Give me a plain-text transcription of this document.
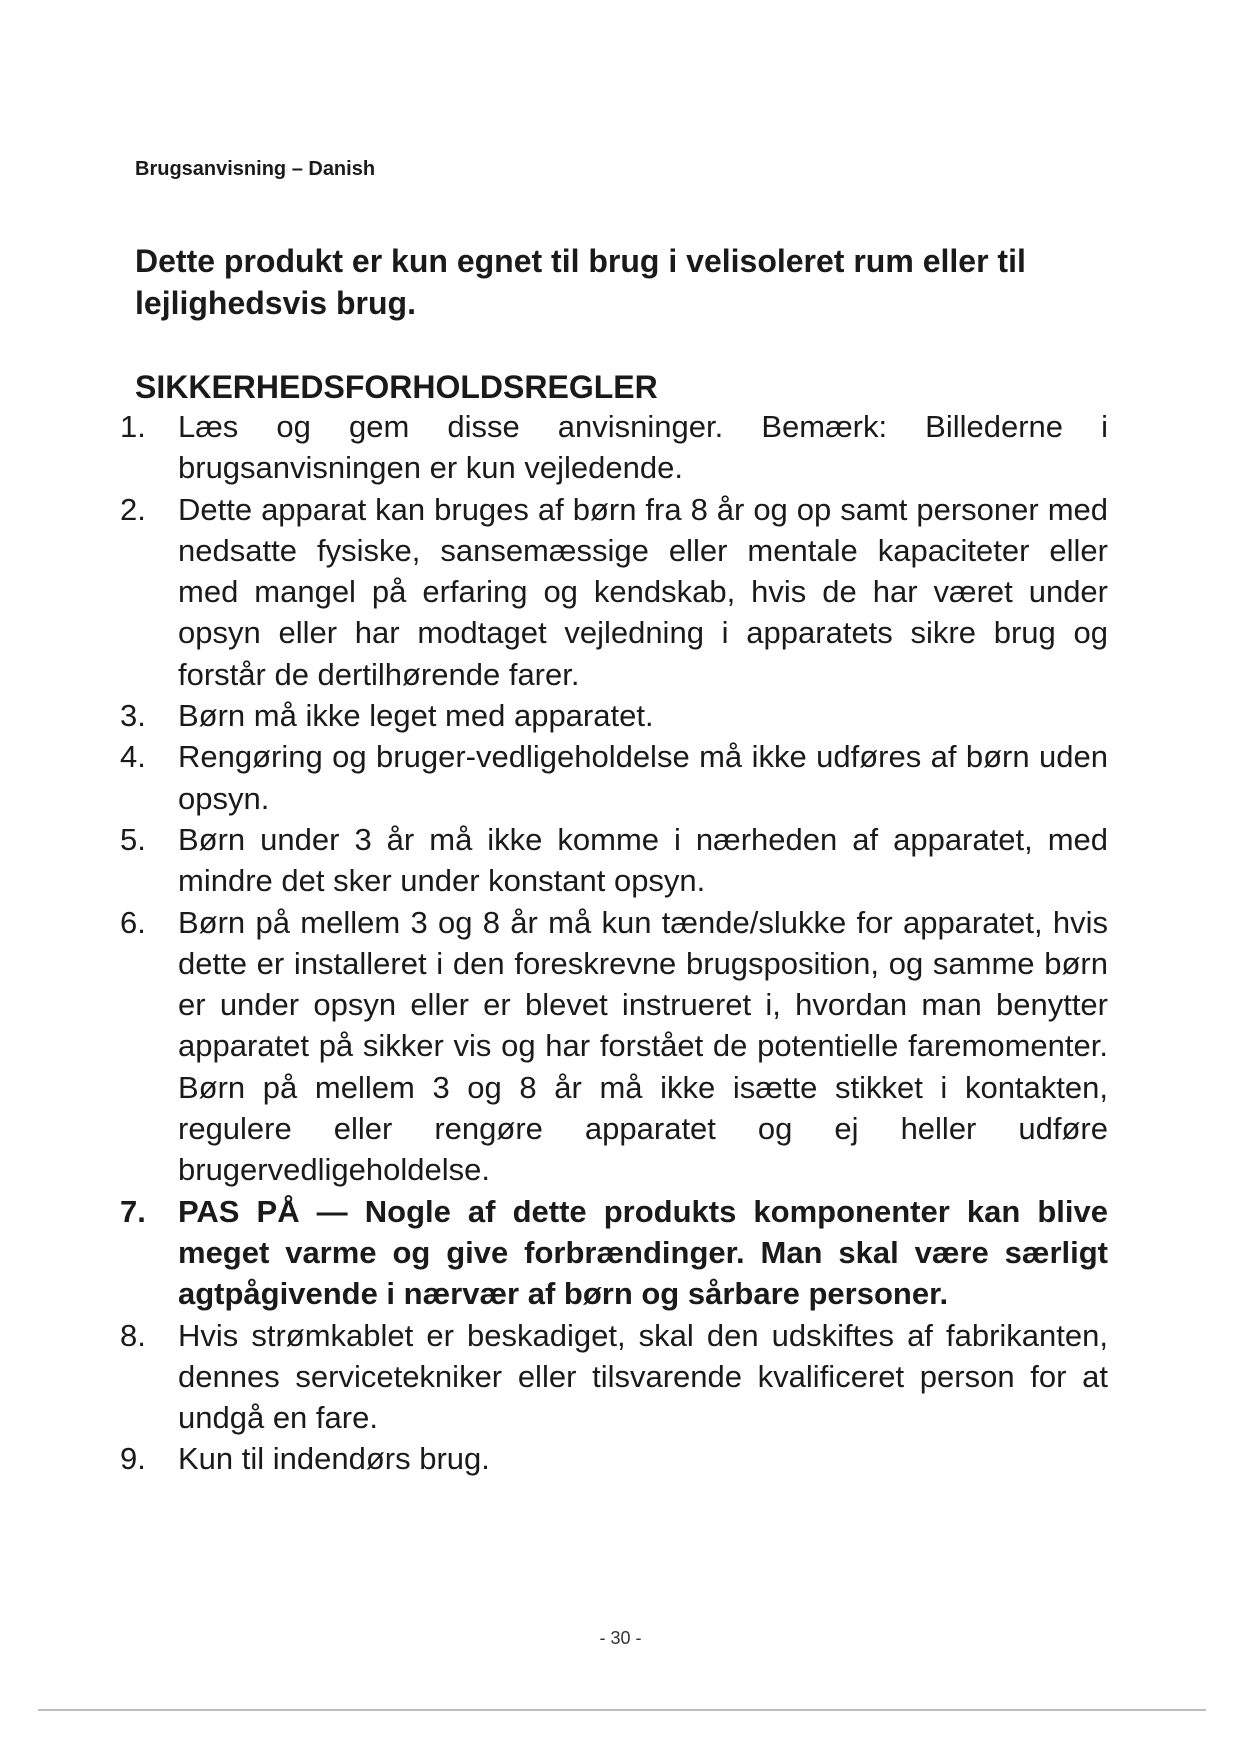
Brugsanvisning – Danish
Dette produkt er kun egnet til brug i velisoleret rum eller til lejlighedsvis brug.
SIKKERHEDSFORHOLDSREGLER
1. Læs og gem disse anvisninger. Bemærk: Billederne i brugsanvisningen er kun vejledende.
2. Dette apparat kan bruges af børn fra 8 år og op samt personer med nedsatte fysiske, sansemæssige eller mentale kapaciteter eller med mangel på erfaring og kendskab, hvis de har været under opsyn eller har modtaget vejledning i apparatets sikre brug og forstår de dertilhørende farer.
3. Børn må ikke leget med apparatet.
4. Rengøring og bruger-vedligeholdelse må ikke udføres af børn uden opsyn.
5. Børn under 3 år må ikke komme i nærheden af apparatet, med mindre det sker under konstant opsyn.
6. Børn på mellem 3 og 8 år må kun tænde/slukke for apparatet, hvis dette er installeret i den foreskrevne brugsposition, og samme børn er under opsyn eller er blevet instrueret i, hvordan man benytter apparatet på sikker vis og har forstået de potentielle faremomenter. Børn på mellem 3 og 8 år må ikke isætte stikket i kontakten, regulere eller rengøre apparatet og ej heller udføre brugervedligeholdelse.
7. PAS PÅ — Nogle af dette produkts komponenter kan blive meget varme og give forbrændinger. Man skal være særligt agtpågivende i nærvær af børn og sårbare personer.
8. Hvis strømkablet er beskadiget, skal den udskiftes af fabrikanten, dennes servicetekniker eller tilsvarende kvalificeret person for at undgå en fare.
9. Kun til indendørs brug.
- 30 -
